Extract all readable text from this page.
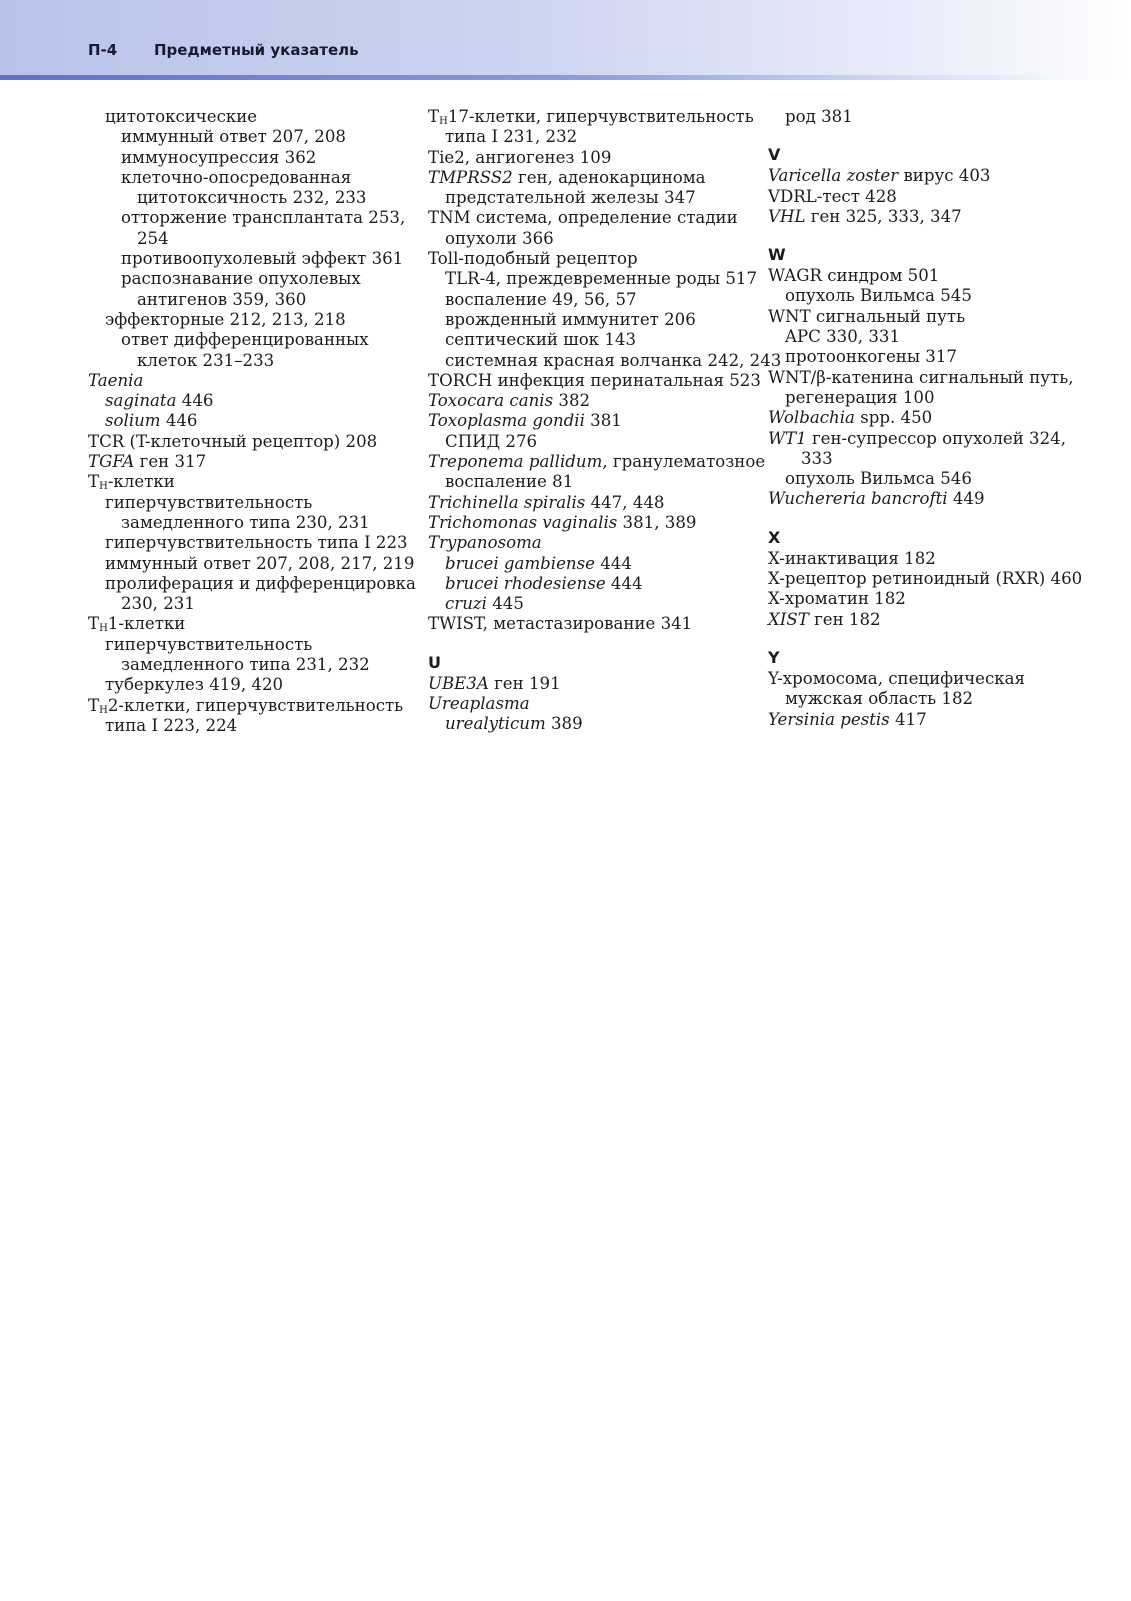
П-4	Предметный указатель
цитотоксические
иммунный ответ 207, 208
иммуносупрессия 362
клеточно-опосредованная
цитотоксичность 232, 233
отторжение трансплантата 253,
254
противоопухолевый эффект 361
распознавание опухолевых
антигенов 359, 360
эффекторные 212, 213, 218
ответ дифференцированных
клеток 231–233
Taenia
saginata 446
solium 446
TCR (T-клеточный рецептор) 208
TGFA ген 317
$T_H$-клетки
гиперчувствительность
замедленного типа 230, 231
гиперчувствительность типа I 223
иммунный ответ 207, 208, 217, 219
пролиферация и дифференцировка
230, 231
$T_H1$-клетки
гиперчувствительность
замедленного типа 231, 232
туберкулез 419, 420
$T_H2$-клетки, гиперчувствительность
типа I 223, 224
$T_H17$-клетки, гиперчувствительность
типа I 231, 232
Tie2, ангиогенез 109
TMPRSS2 ген, аденокарцинома
предстательной железы 347
TNM система, определение стадии
опухоли 366
Toll-подобный рецептор
TLR-4, преждевременные роды 517
воспаление 49, 56, 57
врожденный иммунитет 206
септический шок 143
системная красная волчанка 242, 243
TORCH инфекция перинатальная 523
Toxocara canis 382
Toxoplasma gondii 381
СПИД 276
Treponema pallidum, гранулематозное
воспаление 81
Trichinella spiralis 447, 448
Trichomonas vaginalis 381, 389
Trypanosoma
brucei gambiense 444
brucei rhodesiense 444
cruzi 445
TWIST, метастазирование 341
U
UBE3A ген 191
Ureaplasma
urealyticum 389
род 381
V
Varicella zoster вирус 403
VDRL-тест 428
VHL ген 325, 333, 347
W
WAGR синдром 501
опухоль Вильмса 545
WNT сигнальный путь
APC 330, 331
протоонкогены 317
WNT/β-катенина сигнальный путь,
регенерация 100
Wolbachia spp. 450
WT1 ген-супрессор опухолей 324,
333
опухоль Вильмса 546
Wuchereria bancrofti 449
X
X-инактивация 182
X-рецептор ретиноидный (RXR) 460
X-хроматин 182
XIST ген 182
Y
Y-хромосома, специфическая
мужская область 182
Yersinia pestis 417
